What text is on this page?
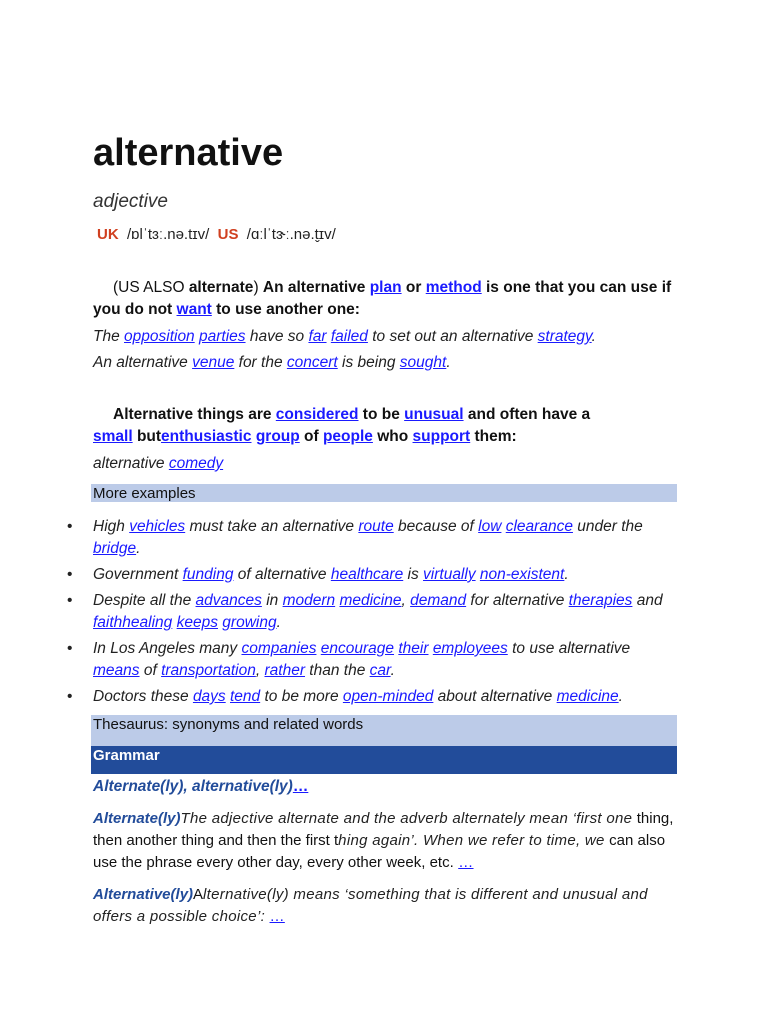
alternative
adjective
UK /ɒlˈtɜː.nə.tɪv/ US /ɑːlˈtɝː.nə.t̬ɪv/
(US ALSO alternate) An alternative plan or method is one that you can use if you do not want to use another one:
The opposition parties have so far failed to set out an alternative strategy.
An alternative venue for the concert is being sought.
Alternative things are considered to be unusual and often have a small butenthusiastic group of people who support them:
alternative comedy
More examples
• High vehicles must take an alternative route because of low clearance under the bridge.
• Government funding of alternative healthcare is virtually non-existent.
• Despite all the advances in modern medicine, demand for alternative therapies and faithhealing keeps growing.
• In Los Angeles many companies encourage their employees to use alternative means of transportation, rather than the car.
• Doctors these days tend to be more open-minded about alternative medicine.
Thesaurus: synonyms and related words
Grammar
Alternate(ly), alternative(ly)…
Alternate(ly)The adjective alternate and the adverb alternately mean ‘first one thing, then another thing and then the first thing again’. When we refer to time, we can also use the phrase every other day, every other week, etc. …
Alternative(ly)Alternative(ly) means ‘something that is different and unusual and offers a possible choice’: …
